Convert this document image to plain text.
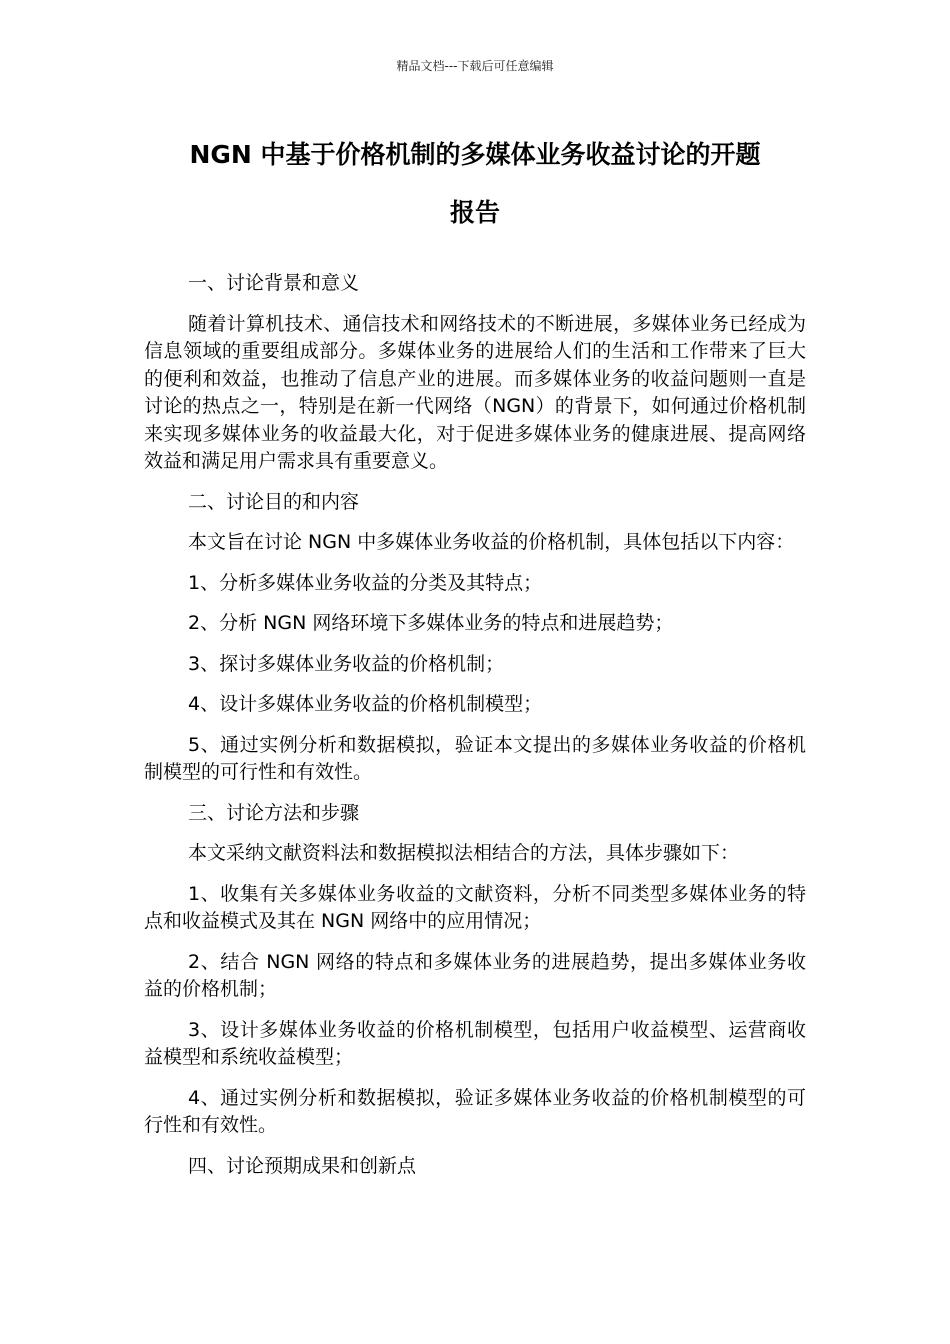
精品文档---下载后可任意编辑
NGN 中基于价格机制的多媒体业务收益讨论的开题
报告

一、讨论背景和意义

随着计算机技术、通信技术和网络技术的不断进展，多媒体业务已经成为信息领域的重要组成部分。多媒体业务的进展给人们的生活和工作带来了巨大的便利和效益，也推动了信息产业的进展。而多媒体业务的收益问题则一直是讨论的热点之一，特别是在新一代网络（NGN）的背景下，如何通过价格机制来实现多媒体业务的收益最大化，对于促进多媒体业务的健康进展、提高网络效益和满足用户需求具有重要意义。

二、讨论目的和内容

本文旨在讨论 NGN 中多媒体业务收益的价格机制，具体包括以下内容：

1、分析多媒体业务收益的分类及其特点；

2、分析 NGN 网络环境下多媒体业务的特点和进展趋势；

3、探讨多媒体业务收益的价格机制；

4、设计多媒体业务收益的价格机制模型；

5、通过实例分析和数据模拟，验证本文提出的多媒体业务收益的价格机制模型的可行性和有效性。

三、讨论方法和步骤

本文采纳文献资料法和数据模拟法相结合的方法，具体步骤如下：

1、收集有关多媒体业务收益的文献资料，分析不同类型多媒体业务的特点和收益模式及其在 NGN 网络中的应用情况；

2、结合 NGN 网络的特点和多媒体业务的进展趋势，提出多媒体业务收益的价格机制；

3、设计多媒体业务收益的价格机制模型，包括用户收益模型、运营商收益模型和系统收益模型；

4、通过实例分析和数据模拟，验证多媒体业务收益的价格机制模型的可行性和有效性。

四、讨论预期成果和创新点
